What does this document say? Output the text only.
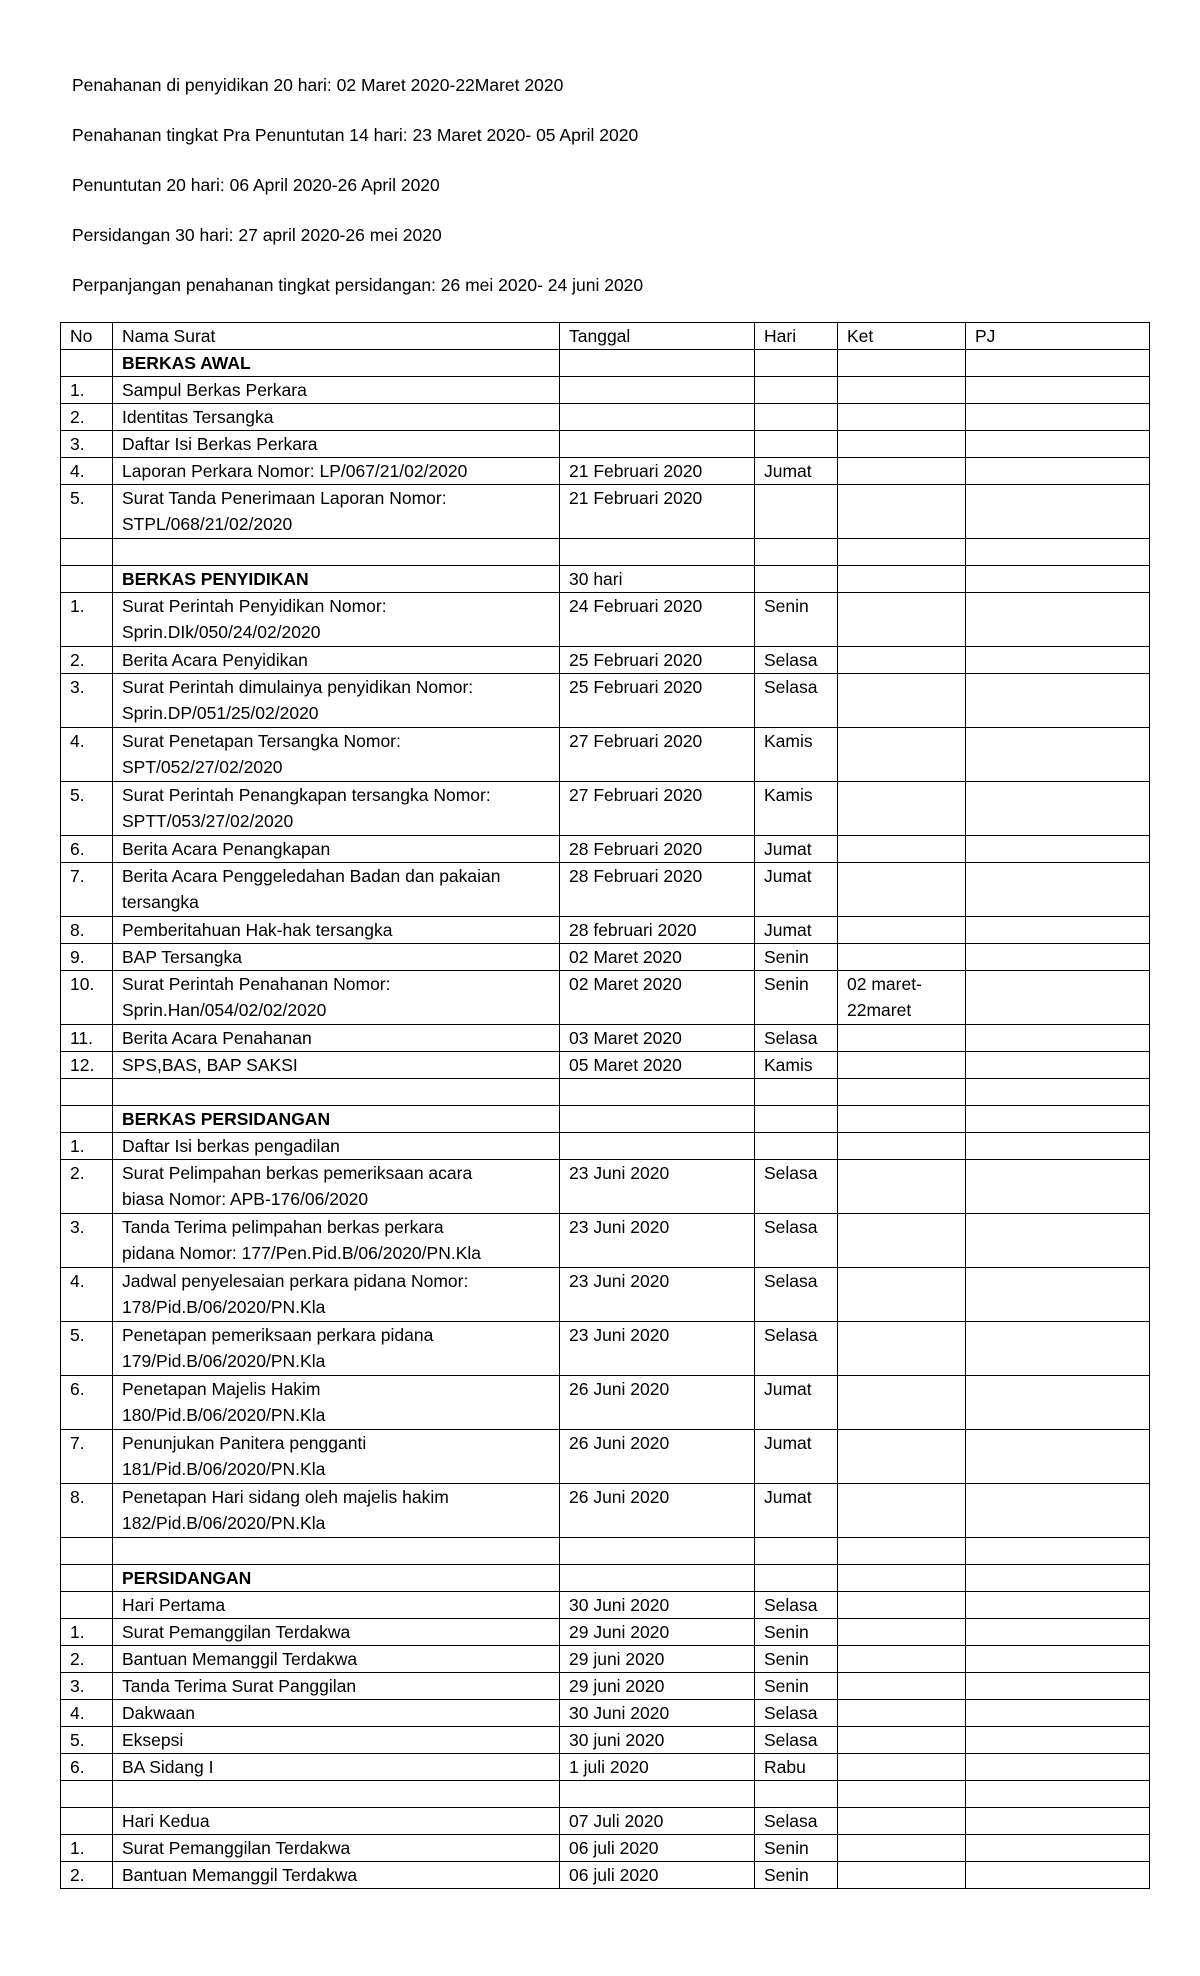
Penahanan di penyidikan 20 hari: 02 Maret 2020-22Maret 2020

Penahanan tingkat Pra Penuntutan 14 hari: 23 Maret 2020- 05 April 2020

Penuntutan 20 hari: 06 April 2020-26 April 2020

Persidangan 30 hari: 27 april 2020-26 mei 2020

Perpanjangan penahanan tingkat persidangan: 26 mei 2020- 24 juni 2020

No	Nama Surat	Tanggal	Hari	Ket	PJ
	BERKAS AWAL				
1.	Sampul Berkas Perkara				
2.	Identitas Tersangka				
3.	Daftar Isi Berkas Perkara				
4.	Laporan Perkara Nomor: LP/067/21/02/2020	21 Februari 2020	Jumat		
5.	Surat Tanda Penerimaan Laporan Nomor:
STPL/068/21/02/2020	21 Februari 2020			

	BERKAS PENYIDIKAN	30 hari			
1.	Surat Perintah Penyidikan Nomor:
Sprin.DIk/050/24/02/2020	24 Februari 2020	Senin		
2.	Berita Acara Penyidikan	25 Februari 2020	Selasa		
3.	Surat Perintah dimulainya penyidikan Nomor:
Sprin.DP/051/25/02/2020	25 Februari 2020	Selasa		
4.	Surat Penetapan Tersangka Nomor:
SPT/052/27/02/2020	27 Februari 2020	Kamis		
5.	Surat Perintah Penangkapan tersangka Nomor:
SPTT/053/27/02/2020	27 Februari 2020	Kamis		
6.	Berita Acara Penangkapan	28 Februari 2020	Jumat		
7.	Berita Acara Penggeledahan Badan dan pakaian
tersangka	28 Februari 2020	Jumat		
8.	Pemberitahuan Hak-hak tersangka	28 februari 2020	Jumat		
9.	BAP Tersangka	02 Maret 2020	Senin		
10.	Surat Perintah Penahanan Nomor:
Sprin.Han/054/02/02/2020	02 Maret 2020	Senin	02 maret-
22maret	
11.	Berita Acara Penahanan	03 Maret 2020	Selasa		
12.	SPS,BAS, BAP SAKSI	05 Maret 2020	Kamis		

	BERKAS PERSIDANGAN				
1.	Daftar Isi berkas pengadilan				
2.	Surat Pelimpahan berkas pemeriksaan acara
biasa Nomor: APB-176/06/2020	23 Juni 2020	Selasa		
3.	Tanda Terima pelimpahan berkas perkara
pidana Nomor: 177/Pen.Pid.B/06/2020/PN.Kla	23 Juni 2020	Selasa		
4.	Jadwal penyelesaian perkara pidana Nomor:
178/Pid.B/06/2020/PN.Kla	23 Juni 2020	Selasa		
5.	Penetapan pemeriksaan perkara pidana
179/Pid.B/06/2020/PN.Kla	23 Juni 2020	Selasa		
6.	Penetapan Majelis Hakim
180/Pid.B/06/2020/PN.Kla	26 Juni 2020	Jumat		
7.	Penunjukan Panitera pengganti
181/Pid.B/06/2020/PN.Kla	26 Juni 2020	Jumat		
8.	Penetapan Hari sidang oleh majelis hakim
182/Pid.B/06/2020/PN.Kla	26 Juni 2020	Jumat		

	PERSIDANGAN				
	Hari Pertama	30 Juni 2020	Selasa		
1.	Surat Pemanggilan Terdakwa	29 Juni 2020	Senin		
2.	Bantuan Memanggil Terdakwa	29 juni 2020	Senin		
3.	Tanda Terima Surat Panggilan	29 juni 2020	Senin		
4.	Dakwaan	30 Juni 2020	Selasa		
5.	Eksepsi	30 juni 2020	Selasa		
6.	BA Sidang I	1 juli 2020	Rabu		

	Hari Kedua	07 Juli 2020	Selasa		
1.	Surat Pemanggilan Terdakwa	06 juli 2020	Senin		
2.	Bantuan Memanggil Terdakwa	06 juli 2020	Senin		
